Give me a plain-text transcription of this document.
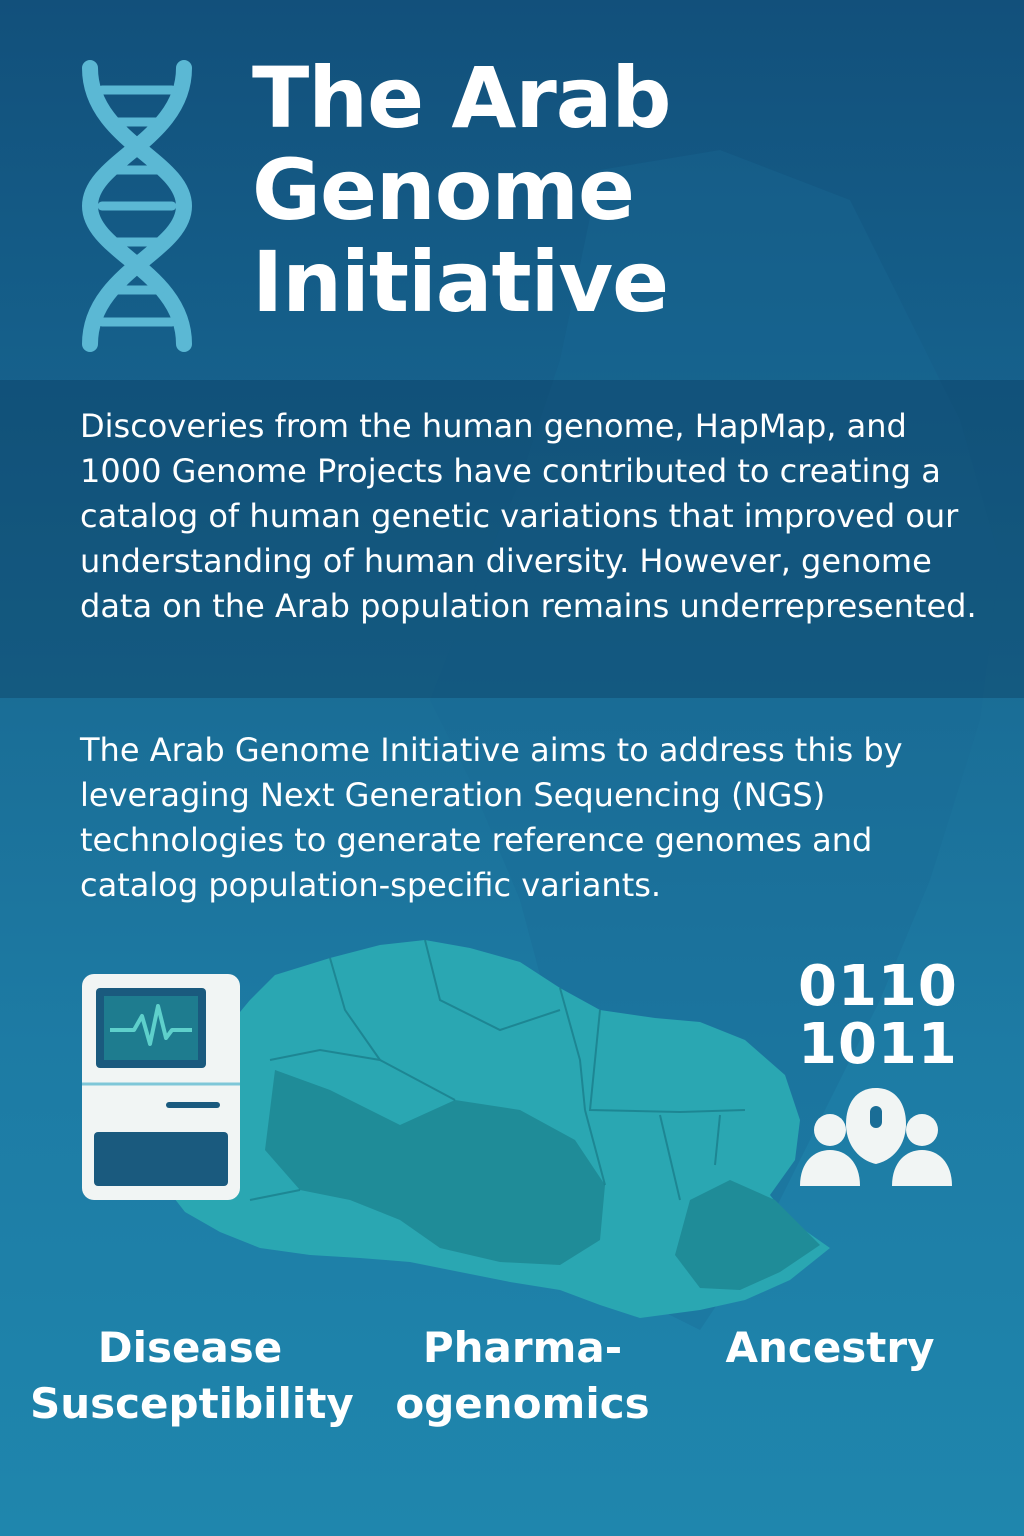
The Arab
Genome
Initiative

Discoveries from the human genome, HapMap, and 1000 Genome Projects have contributed to creating a catalog of human genetic variations that improved our understanding of human diversity. However, genome data on the Arab population remains underrepresented.

The Arab Genome Initiative aims to address this by leveraging Next Generation Sequencing (NGS) technologies to generate reference genomes and catalog population-specific variants.

0110
1011
Disease
Susceptibility
Pharma-
ogenomics
Ancestry
